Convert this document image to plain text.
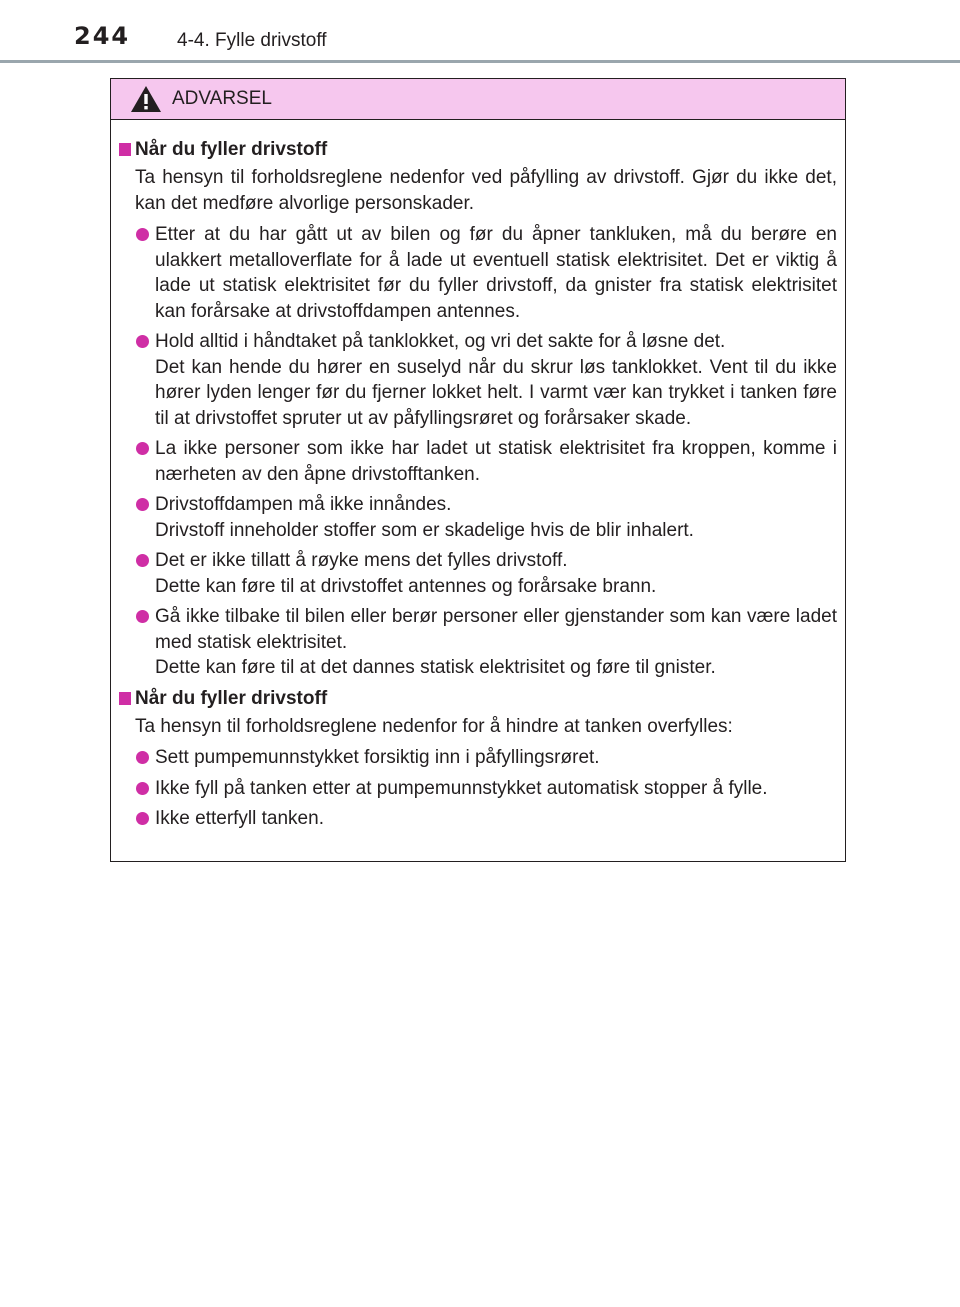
244 4-4. Fylle drivstoff
ADVARSEL
Når du fyller drivstoff
Ta hensyn til forholdsreglene nedenfor ved påfylling av drivstoff. Gjør du ikke det, kan det medføre alvorlige personskader.
Etter at du har gått ut av bilen og før du åpner tankluken, må du berøre en ulakkert metalloverflate for å lade ut eventuell statisk elektrisitet. Det er viktig å lade ut statisk elektrisitet før du fyller drivstoff, da gnister fra statisk elektrisitet kan forårsake at drivstoffdampen antennes.
Hold alltid i håndtaket på tanklokket, og vri det sakte for å løsne det.
Det kan hende du hører en suselyd når du skrur løs tanklokket. Vent til du ikke hører lyden lenger før du fjerner lokket helt. I varmt vær kan trykket i tanken føre til at drivstoffet spruter ut av påfyllingsrøret og forårsaker skade.
La ikke personer som ikke har ladet ut statisk elektrisitet fra kroppen, komme i nærheten av den åpne drivstofftanken.
Drivstoffdampen må ikke innåndes.
Drivstoff inneholder stoffer som er skadelige hvis de blir inhalert.
Det er ikke tillatt å røyke mens det fylles drivstoff.
Dette kan føre til at drivstoffet antennes og forårsake brann.
Gå ikke tilbake til bilen eller berør personer eller gjenstander som kan være ladet med statisk elektrisitet.
Dette kan føre til at det dannes statisk elektrisitet og føre til gnister.
Når du fyller drivstoff
Ta hensyn til forholdsreglene nedenfor for å hindre at tanken overfylles:
Sett pumpemunnstykket forsiktig inn i påfyllingsrøret.
Ikke fyll på tanken etter at pumpemunnstykket automatisk stopper å fylle.
Ikke etterfyll tanken.
